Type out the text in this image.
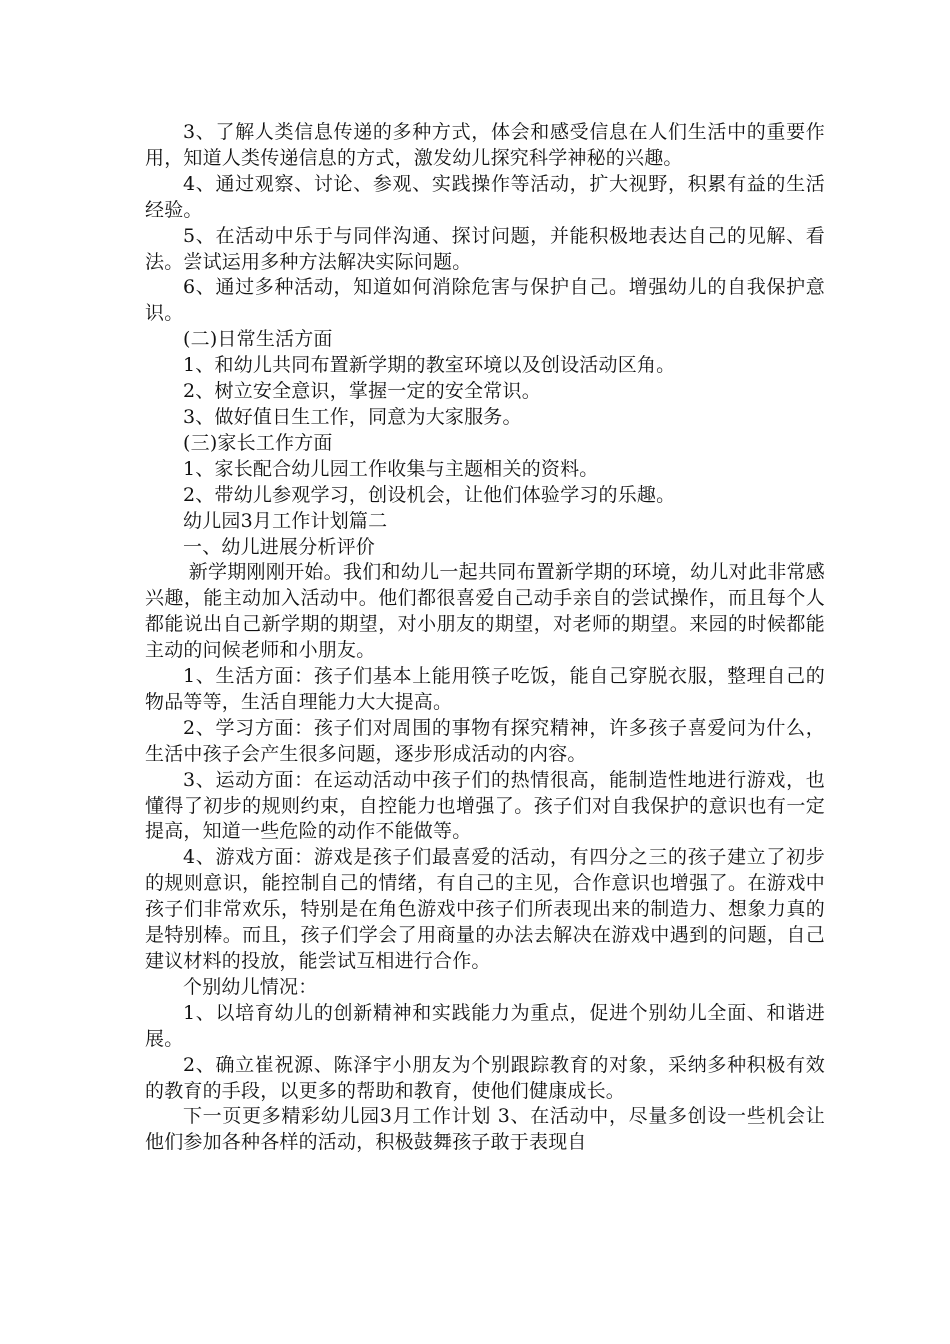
3、了解人类信息传递的多种方式，体会和感受信息在人们生活中的重要作用，知道人类传递信息的方式，激发幼儿探究科学神秘的兴趣。

4、通过观察、讨论、参观、实践操作等活动，扩大视野，积累有益的生活经验。

5、在活动中乐于与同伴沟通、探讨问题，并能积极地表达自己的见解、看法。尝试运用多种方法解决实际问题。

6、通过多种活动，知道如何消除危害与保护自己。增强幼儿的自我保护意识。

(二)日常生活方面

1、和幼儿共同布置新学期的教室环境以及创设活动区角。

2、树立安全意识，掌握一定的安全常识。

3、做好值日生工作，同意为大家服务。

(三)家长工作方面

1、家长配合幼儿园工作收集与主题相关的资料。

2、带幼儿参观学习，创设机会，让他们体验学习的乐趣。

幼儿园3月工作计划篇二

一、幼儿进展分析评价

新学期刚刚开始。我们和幼儿一起共同布置新学期的环境，幼儿对此非常感兴趣，能主动加入活动中。他们都很喜爱自己动手亲自的尝试操作，而且每个人都能说出自己新学期的期望，对小朋友的期望，对老师的期望。来园的时候都能主动的问候老师和小朋友。

1、生活方面：孩子们基本上能用筷子吃饭，能自己穿脱衣服，整理自己的物品等等，生活自理能力大大提高。

2、学习方面：孩子们对周围的事物有探究精神，许多孩子喜爱问为什么，生活中孩子会产生很多问题，逐步形成活动的内容。

3、运动方面：在运动活动中孩子们的热情很高，能制造性地进行游戏，也懂得了初步的规则约束，自控能力也增强了。孩子们对自我保护的意识也有一定提高，知道一些危险的动作不能做等。

4、游戏方面：游戏是孩子们最喜爱的活动，有四分之三的孩子建立了初步的规则意识，能控制自己的情绪，有自己的主见，合作意识也增强了。在游戏中孩子们非常欢乐，特别是在角色游戏中孩子们所表现出来的制造力、想象力真的是特别棒。而且，孩子们学会了用商量的办法去解决在游戏中遇到的问题，自己建议材料的投放，能尝试互相进行合作。

个别幼儿情况：

1、以培育幼儿的创新精神和实践能力为重点，促进个别幼儿全面、和谐进展。

2、确立崔祝源、陈泽宇小朋友为个别跟踪教育的对象，采纳多种积极有效的教育的手段，以更多的帮助和教育，使他们健康成长。

下一页更多精彩幼儿园3月工作计划 3、在活动中，尽量多创设一些机会让他们参加各种各样的活动，积极鼓舞孩子敢于表现自
